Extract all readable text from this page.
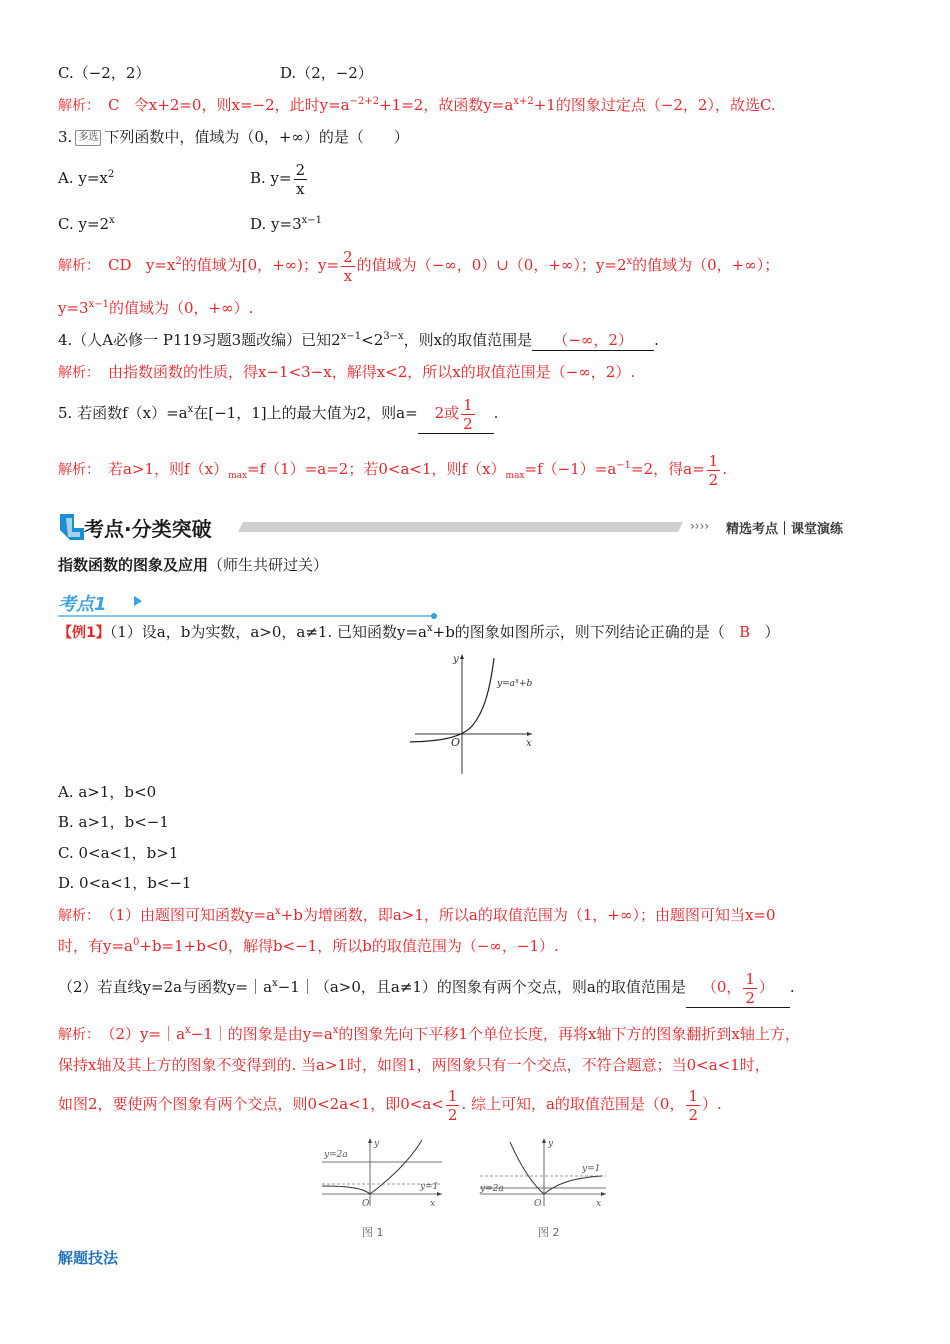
C.（−2，2）	D.（2，−2）
解析： C 令x+2=0，则x=−2，此时$y=a^{-2+2}+1=2$，故函数$y=a^{x+2}+1$的图象过定点（−2，2），故选C.
3. 多选 下列函数中，值域为（0，+∞）的是（　　）
A. $y=x^2$	B. $y= \frac{2}{x}$
C. $y=2^x$	D. $y=3^{x-1}$
解析： CD $y=x^2$的值域为[0，+∞)；$y= \frac{2}{x}$ 的值域为（−∞，0）∪（0，+∞）；$y=2^x$的值域为（0，+∞）；
$y=3^{x-1}$的值域为（0，+∞）.
4.（人A必修一 P119习题3题改编）已知$2^{x-1}<2^{3-x}$，则x的取值范围是 （−∞，2） .
解析： 由指数函数的性质，得x−1<3−x，解得x<2，所以x的取值范围是（−∞，2）.
5. 若函数$f(x)=a^x$在[−1，1]上的最大值为2，则a= 2或 $\frac{1}{2}$ .
解析： 若a>1，则$f(x)_{max}=f(1)=a=2$；若0<a<1，则$f(x)_{max}=f(-1)=a^{-1}=2$，得$a= \frac{1}{2}$ .
考点·分类突破	›››› 精选考点｜课堂演练
指数函数的图象及应用（师生共研过关）
考点1
【例1】（1）设a，b为实数，a>0，a≠1. 已知函数$y=a^x+b$的图象如图所示，则下列结论正确的是（ B ）
O	x
y
$y=a^x+b$
A. a>1，b<0
B. a>1，b<−1
C. 0<a<1，b>1
D. 0<a<1，b<−1
解析： （1）由题图可知函数$y=a^x+b$为增函数，即a>1，所以a的取值范围为（1，+∞）；由题图可知当x=0
时，有$y=a^0+b=1+b<0$，解得b<−1，所以b的取值范围为（−∞，−1）.
（2）若直线y=2a与函数$y=|a^x-1|(a>0$，且a≠1）的图象有两个交点，则a的取值范围是 （0， $\frac{1}{2}$ ） .
解析： $(2)y=|a^x-1|$的图象是由$y=a^x$的图象先向下平移1个单位长度，再将x轴下方的图象翻折到x轴上方，
保持x轴及其上方的图象不变得到的. 当a>1时，如图1，两图象只有一个交点，不符合题意；当0<a<1时，
如图2，要使两个图象有两个交点，则0<2a<1，即$0<a< \frac{1}{2}$ . 综上可知，a的取值范围是（0， $\frac{1}{2}$ ）.
y=2a
y=1
O	x
y
图 1
y=2a
y=1
O	x
y
图 2
解题技法
